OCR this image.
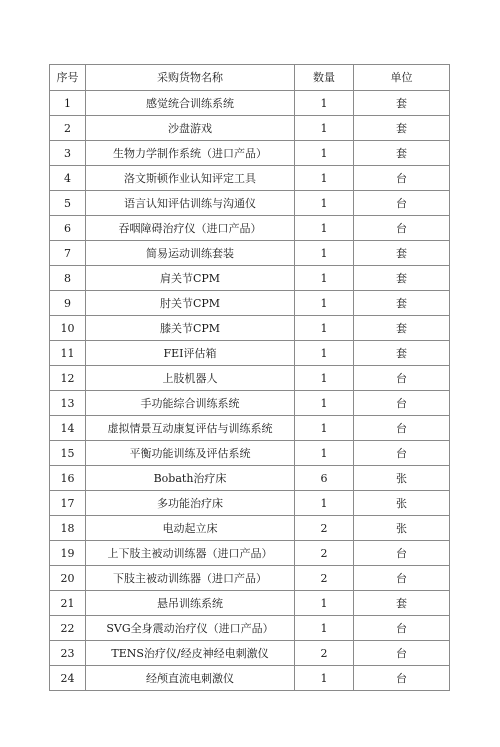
序号	采购货物名称	数量	单位
1	感觉统合训练系统	1	套
2	沙盘游戏	1	套
3	生物力学制作系统（进口产品）	1	套
4	洛文斯顿作业认知评定工具	1	台
5	语言认知评估训练与沟通仪	1	台
6	吞咽障碍治疗仪（进口产品）	1	台
7	简易运动训练套装	1	套
8	肩关节CPM	1	套
9	肘关节CPM	1	套
10	膝关节CPM	1	套
11	FEI评估箱	1	套
12	上肢机器人	1	台
13	手功能综合训练系统	1	台
14	虚拟情景互动康复评估与训练系统	1	台
15	平衡功能训练及评估系统	1	台
16	Bobath治疗床	6	张
17	多功能治疗床	1	张
18	电动起立床	2	张
19	上下肢主被动训练器（进口产品）	2	台
20	下肢主被动训练器（进口产品）	2	台
21	悬吊训练系统	1	套
22	SVG全身震动治疗仪（进口产品）	1	台
23	TENS治疗仪/经皮神经电刺激仪	2	台
24	经颅直流电刺激仪	1	台
